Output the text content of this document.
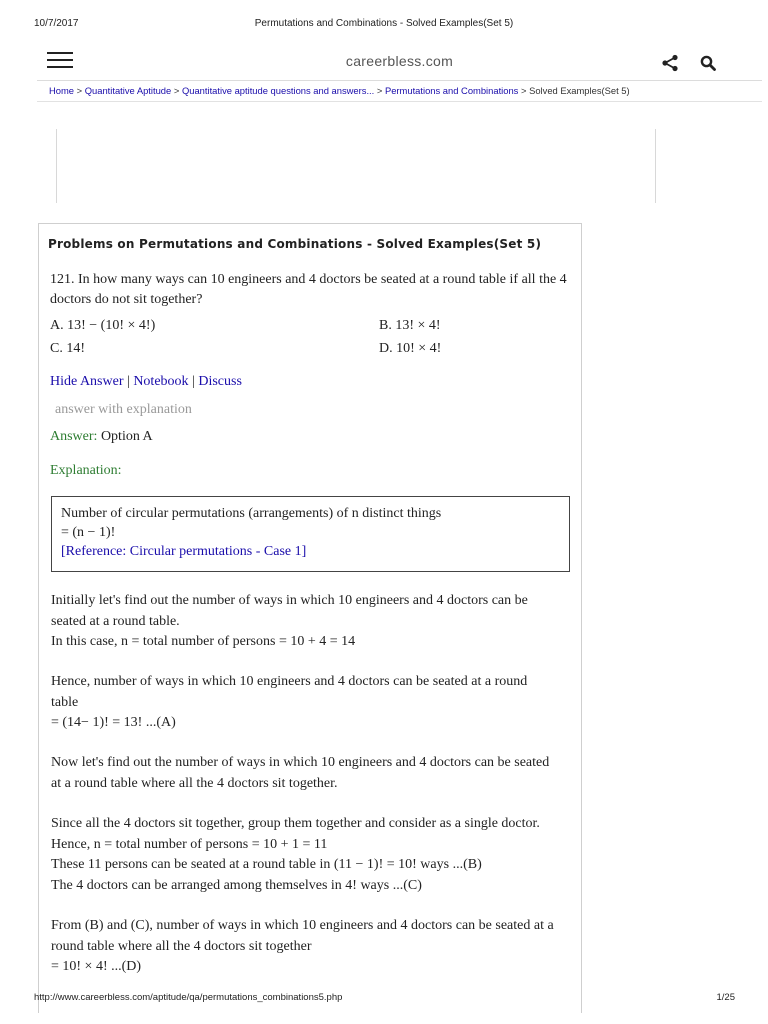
10/7/2017	Permutations and Combinations - Solved Examples(Set 5)
careerbless.com
Home > Quantitative Aptitude > Quantitative aptitude questions and answers... > Permutations and Combinations > Solved Examples(Set 5)
Problems on Permutations and Combinations - Solved Examples(Set 5)
121. In how many ways can 10 engineers and 4 doctors be seated at a round table if all the 4 doctors do not sit together?
A. 13! − (10! × 4!)	B. 13! × 4!
C. 14!	D. 10! × 4!
Hide Answer | Notebook | Discuss
answer with explanation
Answer: Option A
Explanation:
Number of circular permutations (arrangements) of n distinct things
= (n − 1)!
[Reference: Circular permutations - Case 1]
Initially let's find out the number of ways in which 10 engineers and 4 doctors can be
seated at a round table.
In this case, n = total number of persons = 10 + 4 = 14
Hence, number of ways in which 10 engineers and 4 doctors can be seated at a round
table
= (14− 1)! = 13! ...(A)
Now let's find out the number of ways in which 10 engineers and 4 doctors can be seated
at a round table where all the 4 doctors sit together.
Since all the 4 doctors sit together, group them together and consider as a single doctor.
Hence, n = total number of persons = 10 + 1 = 11
These 11 persons can be seated at a round table in (11 − 1)! = 10! ways ...(B)
The 4 doctors can be arranged among themselves in 4! ways ...(C)
From (B) and (C), number of ways in which 10 engineers and 4 doctors can be seated at a
round table where all the 4 doctors sit together
= 10! × 4! ...(D)
http://www.careerbless.com/aptitude/qa/permutations_combinations5.php	1/25
